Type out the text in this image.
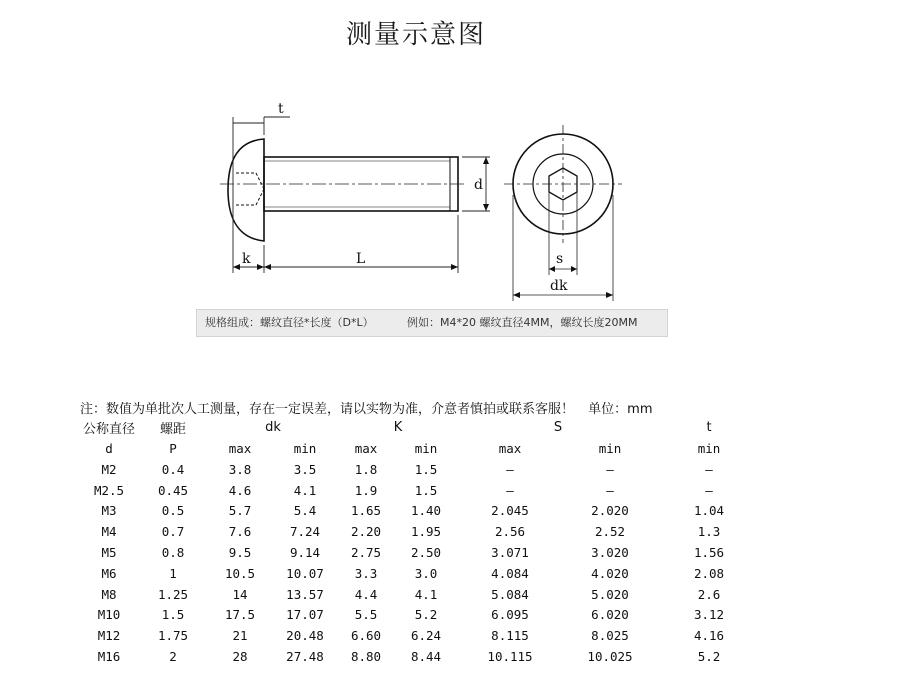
测量示意图
t
k	L
d
s
dk
规格组成：螺纹直径*长度（D*L）	例如：M4*20 螺纹直径4MM，螺纹长度20MM
注：数值为单批次人工测量，存在一定误差，请以实物为准，介意者慎拍或联系客服！ 单位：mm
公称直径	螺距	dk		K		S		t
d	P	max	min	max	min	max	min	min
M2	0.4	3.8	3.5	1.8	1.5	–	–	–
M2.5	0.45	4.6	4.1	1.9	1.5	–	–	–
M3	0.5	5.7	5.4	1.65	1.40	2.045	2.020	1.04
M4	0.7	7.6	7.24	2.20	1.95	2.56	2.52	1.3
M5	0.8	9.5	9.14	2.75	2.50	3.071	3.020	1.56
M6	1	10.5	10.07	3.3	3.0	4.084	4.020	2.08
M8	1.25	14	13.57	4.4	4.1	5.084	5.020	2.6
M10	1.5	17.5	17.07	5.5	5.2	6.095	6.020	3.12
M12	1.75	21	20.48	6.60	6.24	8.115	8.025	4.16
M16	2	28	27.48	8.80	8.44	10.115	10.025	5.2
